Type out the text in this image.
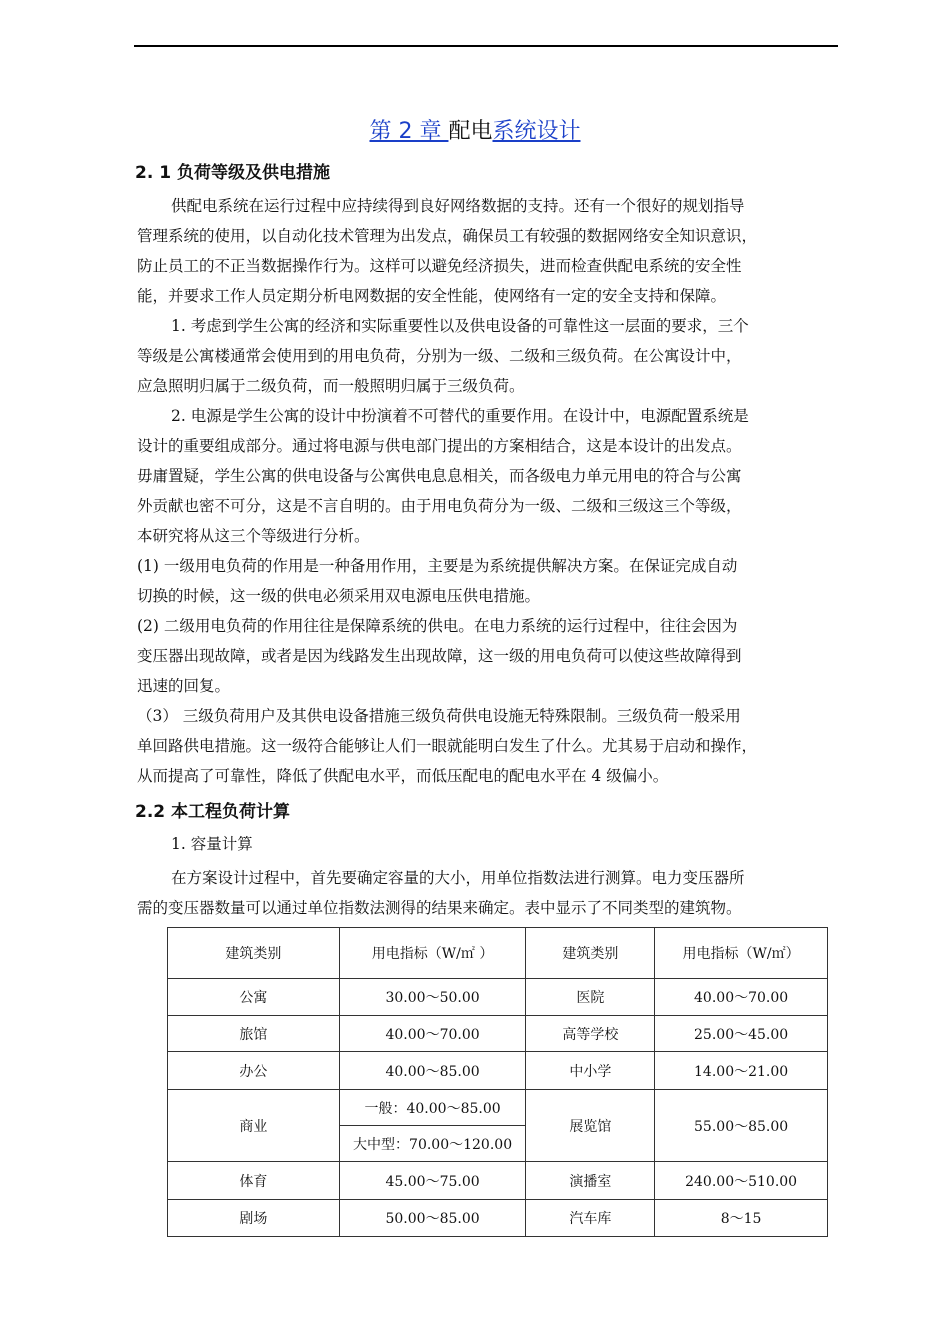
第 2 章 配电系统设计
2. 1 负荷等级及供电措施
供配电系统在运行过程中应持续得到良好网络数据的支持。还有一个很好的规划指导
管理系统的使用，以自动化技术管理为出发点，确保员工有较强的数据网络安全知识意识，
防止员工的不正当数据操作行为。这样可以避免经济损失，进而检查供配电系统的安全性
能，并要求工作人员定期分析电网数据的安全性能，使网络有一定的安全支持和保障。
1. 考虑到学生公寓的经济和实际重要性以及供电设备的可靠性这一层面的要求，三个
等级是公寓楼通常会使用到的用电负荷，分别为一级、二级和三级负荷。在公寓设计中，
应急照明归属于二级负荷，而一般照明归属于三级负荷。
2. 电源是学生公寓的设计中扮演着不可替代的重要作用。在设计中，电源配置系统是
设计的重要组成部分。通过将电源与供电部门提出的方案相结合，这是本设计的出发点。
毋庸置疑，学生公寓的供电设备与公寓供电息息相关，而各级电力单元用电的符合与公寓
外贡献也密不可分，这是不言自明的。由于用电负荷分为一级、二级和三级这三个等级，
本研究将从这三个等级进行分析。
(1) 一级用电负荷的作用是一种备用作用，主要是为系统提供解决方案。在保证完成自动
切换的时候，这一级的供电必须采用双电源电压供电措施。
(2) 二级用电负荷的作用往往是保障系统的供电。在电力系统的运行过程中，往往会因为
变压器出现故障，或者是因为线路发生出现故障，这一级的用电负荷可以使这些故障得到
迅速的回复。
（3） 三级负荷用户及其供电设备措施三级负荷供电设施无特殊限制。三级负荷一般采用
单回路供电措施。这一级符合能够让人们一眼就能明白发生了什么。尤其易于启动和操作，
从而提高了可靠性，降低了供配电水平，而低压配电的配电水平在 4 级偏小。
2.2 本工程负荷计算
1. 容量计算
在方案设计过程中，首先要确定容量的大小，用单位指数法进行测算。电力变压器所
需的变压器数量可以通过单位指数法测得的结果来确定。表中显示了不同类型的建筑物。
建筑类别	用电指标（W/㎡ ）	建筑类别	用电指标（W/㎡）
公寓	30.00～50.00	医院	40.00～70.00
旅馆	40.00～70.00	高等学校	25.00～45.00
办公	40.00～85.00	中小学	14.00～21.00
商业	一般：40.00～85.00	展览馆	55.00～85.00
	大中型：70.00～120.00		
体育	45.00～75.00	演播室	240.00～510.00
剧场	50.00～85.00	汽车库	8～15
